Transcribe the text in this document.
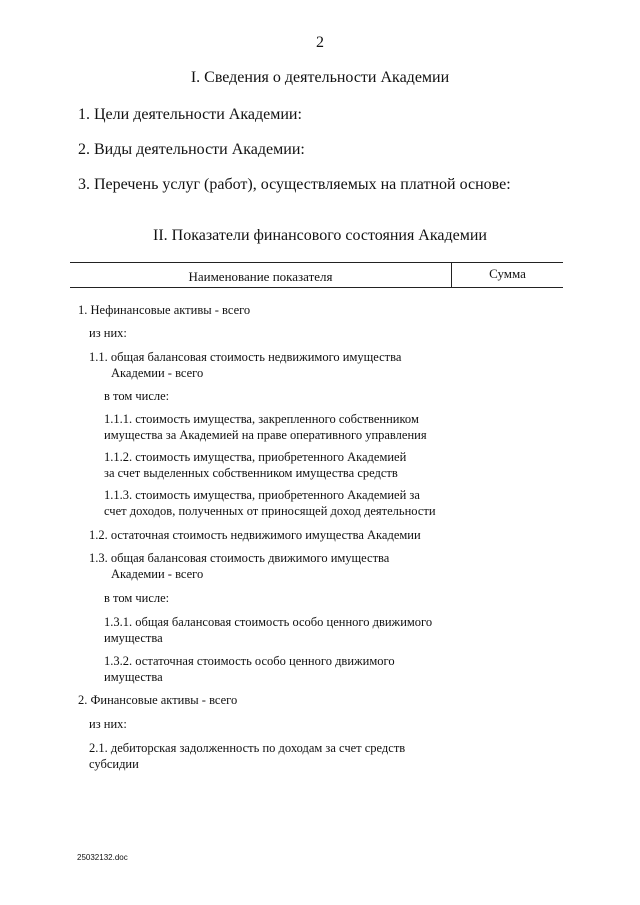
2
I. Сведения о деятельности Академии
1. Цели деятельности Академии:
2. Виды деятельности Академии:
3. Перечень услуг (работ), осуществляемых на платной основе:
II. Показатели финансового состояния Академии
Наименование показателя	Сумма
1. Нефинансовые активы - всего
из них:
1.1. общая балансовая стоимость недвижимого имущества
Академии - всего
в том числе:
1.1.1. стоимость имущества, закрепленного собственником
имущества за Академией на праве оперативного управления
1.1.2. стоимость имущества, приобретенного Академией
за счет выделенных собственником имущества средств
1.1.3. стоимость имущества, приобретенного Академией за
счет доходов, полученных от приносящей доход деятельности
1.2. остаточная стоимость недвижимого имущества Академии
1.3. общая балансовая стоимость движимого имущества
Академии - всего
в том числе:
1.3.1. общая балансовая стоимость особо ценного движимого
имущества
1.3.2. остаточная стоимость особо ценного движимого
имущества
2. Финансовые активы - всего
из них:
2.1. дебиторская задолженность по доходам за счет средств
субсидии
25032132.doc
